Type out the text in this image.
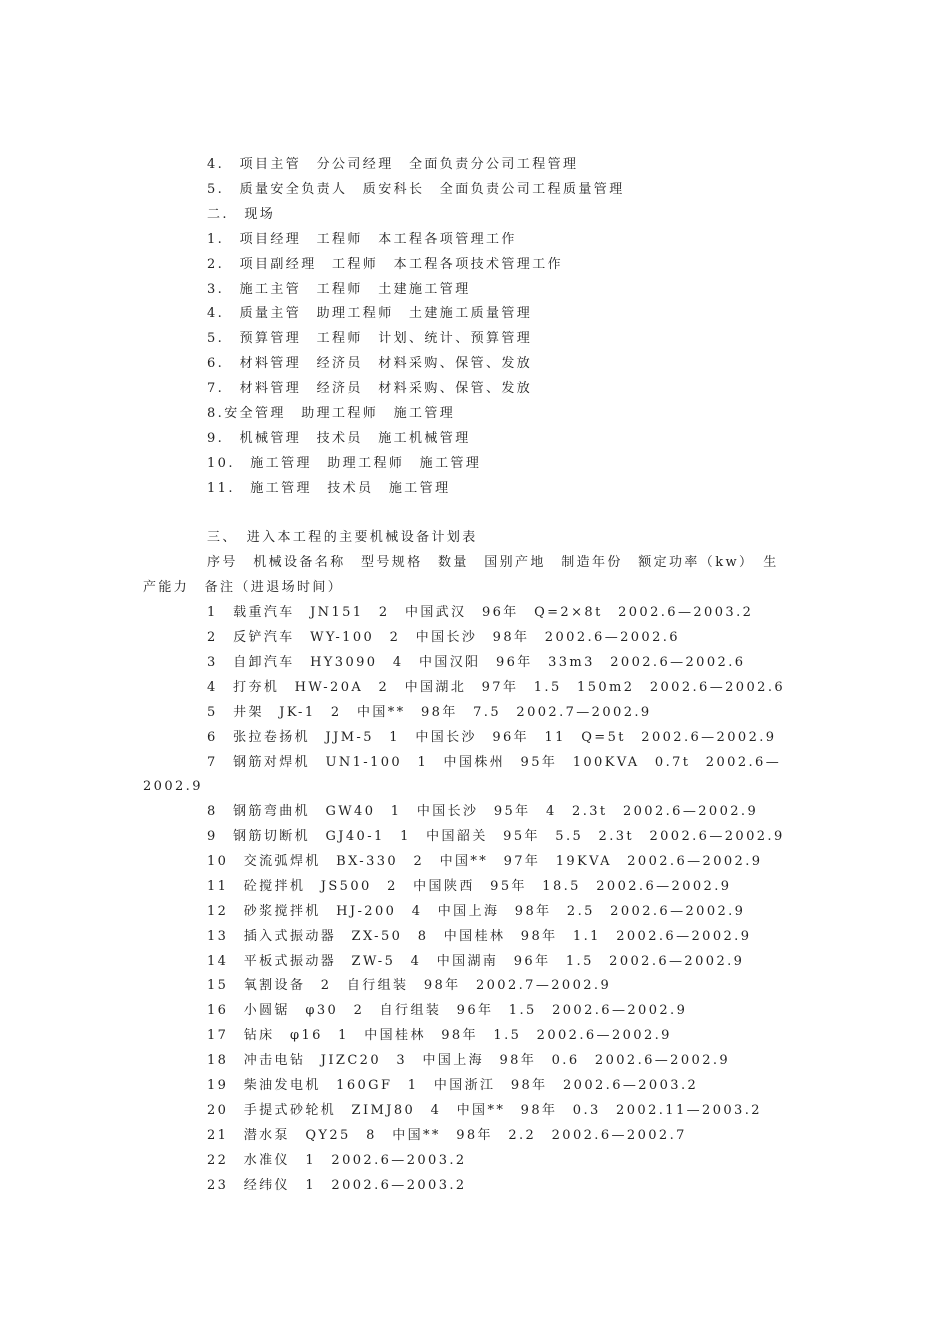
4.　项目主管　分公司经理　全面负责分公司工程管理

5.　质量安全负责人　质安科长　全面负责公司工程质量管理

二.　现场

1.　项目经理　工程师　本工程各项管理工作

2.　项目副经理　工程师　本工程各项技术管理工作

3.　施工主管　工程师　土建施工管理

4.　质量主管　助理工程师　土建施工质量管理

5.　预算管理　工程师　计划、统计、预算管理

6.　材料管理　经济员　材料采购、保管、发放

7.　材料管理　经济员　材料采购、保管、发放

8.安全管理　助理工程师　施工管理

9.　机械管理　技术员　施工机械管理

10.　施工管理　助理工程师　施工管理

11.　施工管理　技术员　施工管理

三、　进入本工程的主要机械设备计划表

序号　机械设备名称　型号规格　数量　国别产地　制造年份　额定功率（kw）　生

产能力　备注（进退场时间）

1　载重汽车　JN151　2　中国武汉　96年　Q=2×8t　2002.6—2003.2

2　反铲汽车　WY-100　2　中国长沙　98年　2002.6—2002.6

3　自卸汽车　HY3090　4　中国汉阳　96年　33m3　2002.6—2002.6

4　打夯机　HW-20A　2　中国湖北　97年　1.5　150m2　2002.6—2002.6

5　井架　JK-1　2　中国**　98年　7.5　2002.7—2002.9

6　张拉卷扬机　JJM-5　1　中国长沙　96年　11　Q=5t　2002.6—2002.9

7　钢筋对焊机　UN1-100　1　中国株州　95年　100KVA　0.7t　2002.6—

2002.9

8　钢筋弯曲机　GW40　1　中国长沙　95年　4　2.3t　2002.6—2002.9

9　钢筋切断机　GJ40-1　1　中国韶关　95年　5.5　2.3t　2002.6—2002.9

10　交流弧焊机　BX-330　2　中国**　97年　19KVA　2002.6—2002.9

11　砼搅拌机　JS500　2　中国陕西　95年　18.5　2002.6—2002.9

12　砂浆搅拌机　HJ-200　4　中国上海　98年　2.5　2002.6—2002.9

13　插入式振动器　ZX-50　8　中国桂林　98年　1.1　2002.6—2002.9

14　平板式振动器　ZW-5　4　中国湖南　96年　1.5　2002.6—2002.9

15　氧割设备　2　自行组装　98年　2002.7—2002.9

16　小圆锯　φ30　2　自行组装　96年　1.5　2002.6—2002.9

17　钻床　φ16　1　中国桂林　98年　1.5　2002.6—2002.9

18　冲击电钻　JIZC20　3　中国上海　98年　0.6　2002.6—2002.9

19　柴油发电机　160GF　1　中国浙江　98年　2002.6—2003.2

20　手提式砂轮机　ZIMJ80　4　中国**　98年　0.3　2002.11—2003.2

21　潜水泵　QY25　8　中国**　98年　2.2　2002.6—2002.7

22　水准仪　1　2002.6—2003.2

23　经纬仪　1　2002.6—2003.2
